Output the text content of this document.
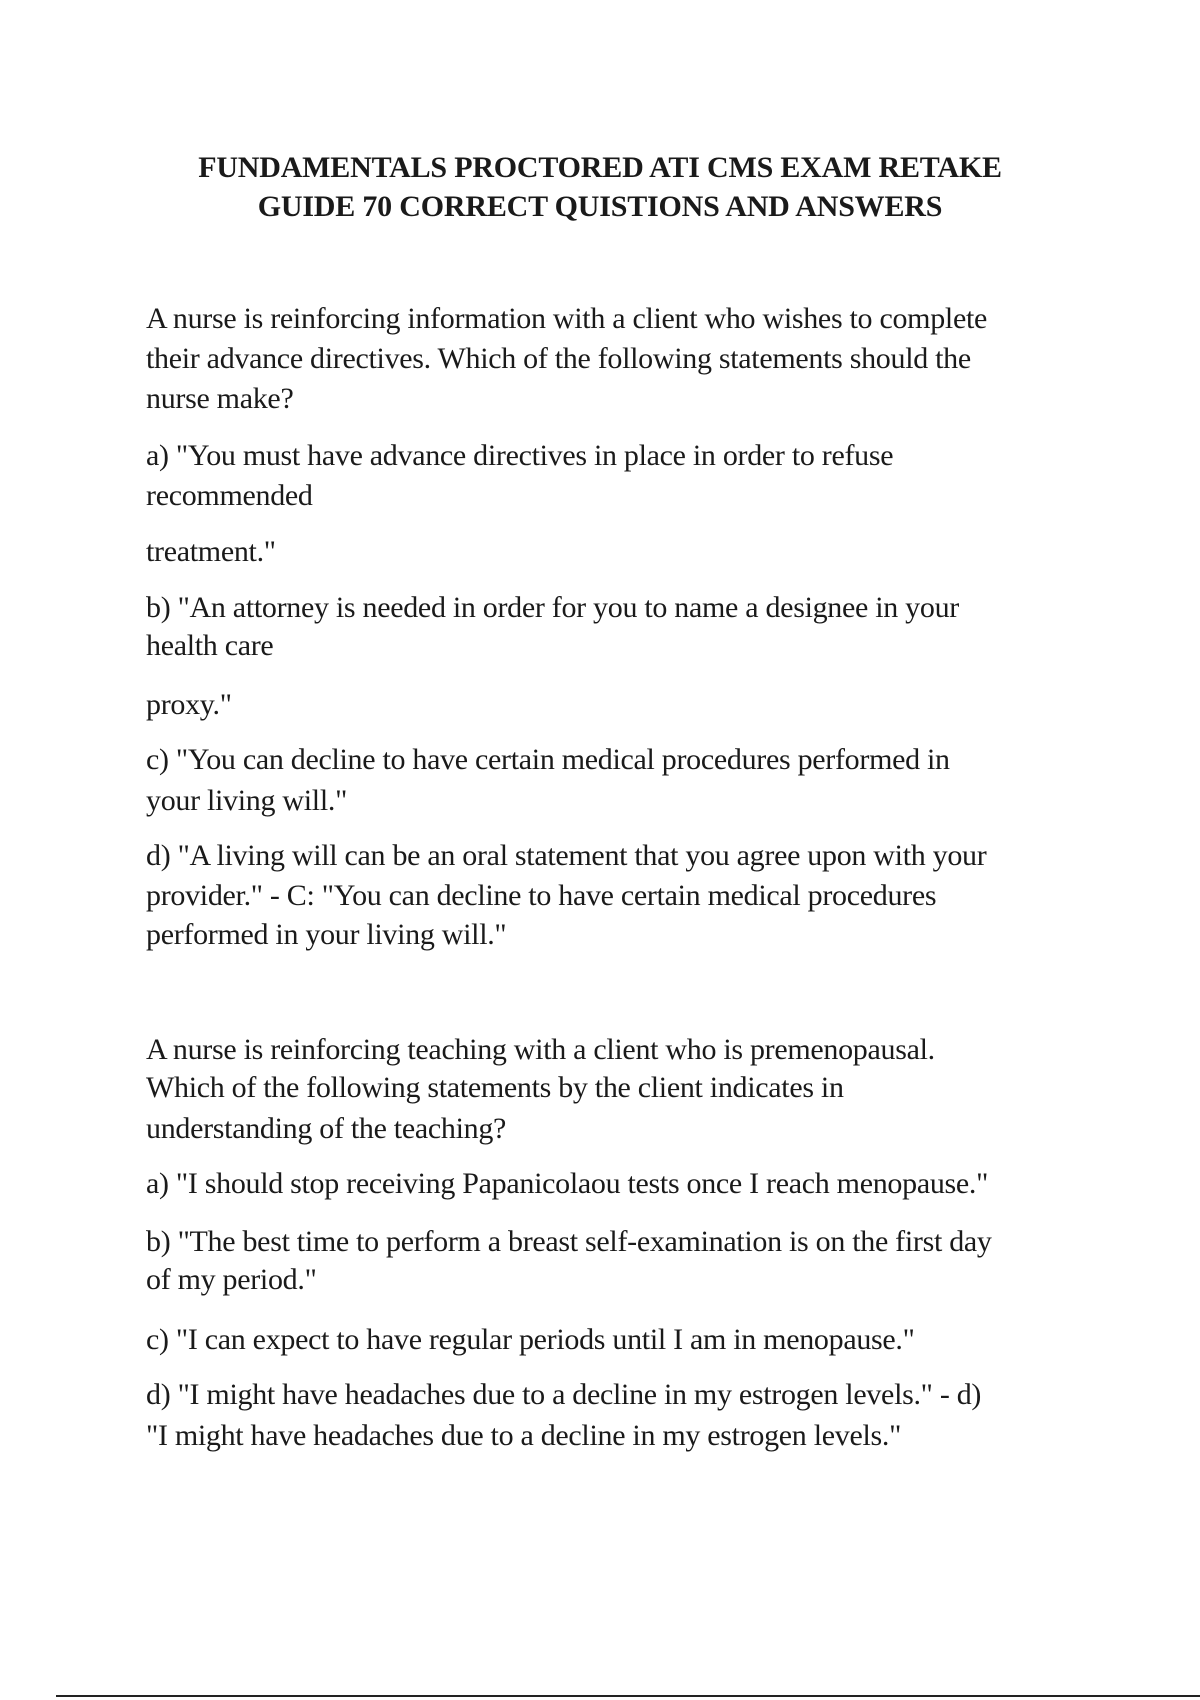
FUNDAMENTALS PROCTORED ATI CMS EXAM RETAKE
GUIDE 70 CORRECT QUISTIONS AND ANSWERS
A nurse is reinforcing information with a client who wishes to complete
their advance directives. Which of the following statements should the
nurse make?
a) "You must have advance directives in place in order to refuse
recommended
treatment."
b) "An attorney is needed in order for you to name a designee in your
health care
proxy."
c) "You can decline to have certain medical procedures performed in
your living will."
d) "A living will can be an oral statement that you agree upon with your
provider." - C: "You can decline to have certain medical procedures
performed in your living will."
A nurse is reinforcing teaching with a client who is premenopausal.
Which of the following statements by the client indicates in
understanding of the teaching?
a) "I should stop receiving Papanicolaou tests once I reach menopause."
b) "The best time to perform a breast self-examination is on the first day
of my period."
c) "I can expect to have regular periods until I am in menopause."
d) "I might have headaches due to a decline in my estrogen levels." - d)
"I might have headaches due to a decline in my estrogen levels."
